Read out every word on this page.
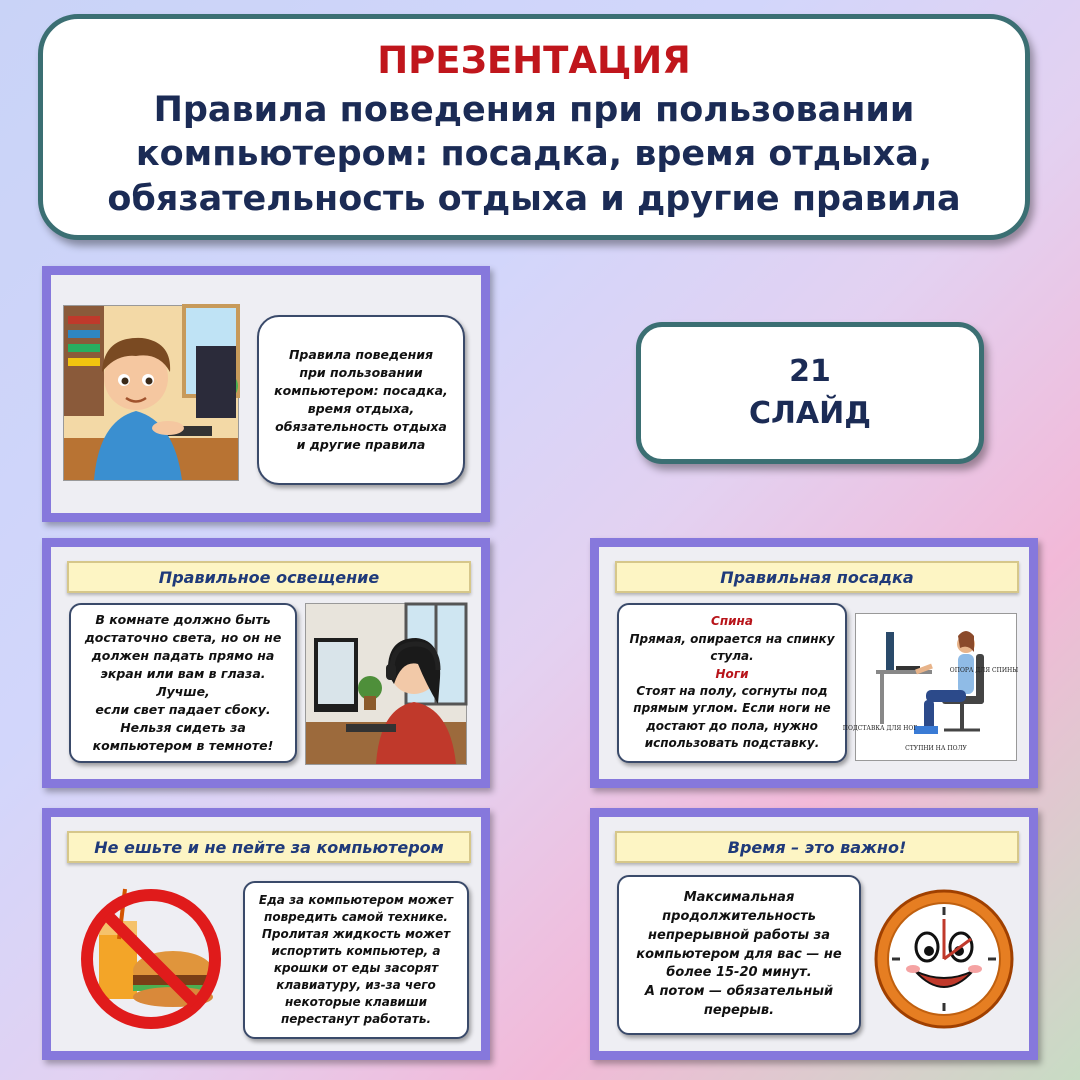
ПРЕЗЕНТАЦИЯ
Правила поведения при пользовании
компьютером: посадка, время отдыха,
обязательность отдыха и другие правила
21
СЛАЙД
Правила поведения
при пользовании
компьютером: посадка,
время отдыха,
обязательность отдыха
и другие правила
Правильное освещение
В комнате должно быть
достаточно света, но он не
должен падать прямо на
экран или вам в глаза. Лучше,
если свет падает сбоку.
Нельзя сидеть за
компьютером в темноте!
Правильная посадка
Спина
Прямая, опирается на спинку
стула.
Ноги
Стоят на полу, согнуты под
прямым углом. Если ноги не
достают до пола, нужно
использовать подставку.
ОПОРА ДЛЯ СПИНЫ
ПОДСТАВКА ДЛЯ НОГ
СТУПНИ НА ПОЛУ
Не ешьте и не пейте за компьютером
Еда за компьютером может
повредить самой технике.
Пролитая жидкость может
испортить компьютер, а
крошки от еды засорят
клавиатуру, из-за чего
некоторые клавиши
перестанут работать.
Время – это важно!
Максимальная
продолжительность
непрерывной работы за
компьютером для вас — не
более 15-20 минут.
А потом — обязательный
перерыв.
